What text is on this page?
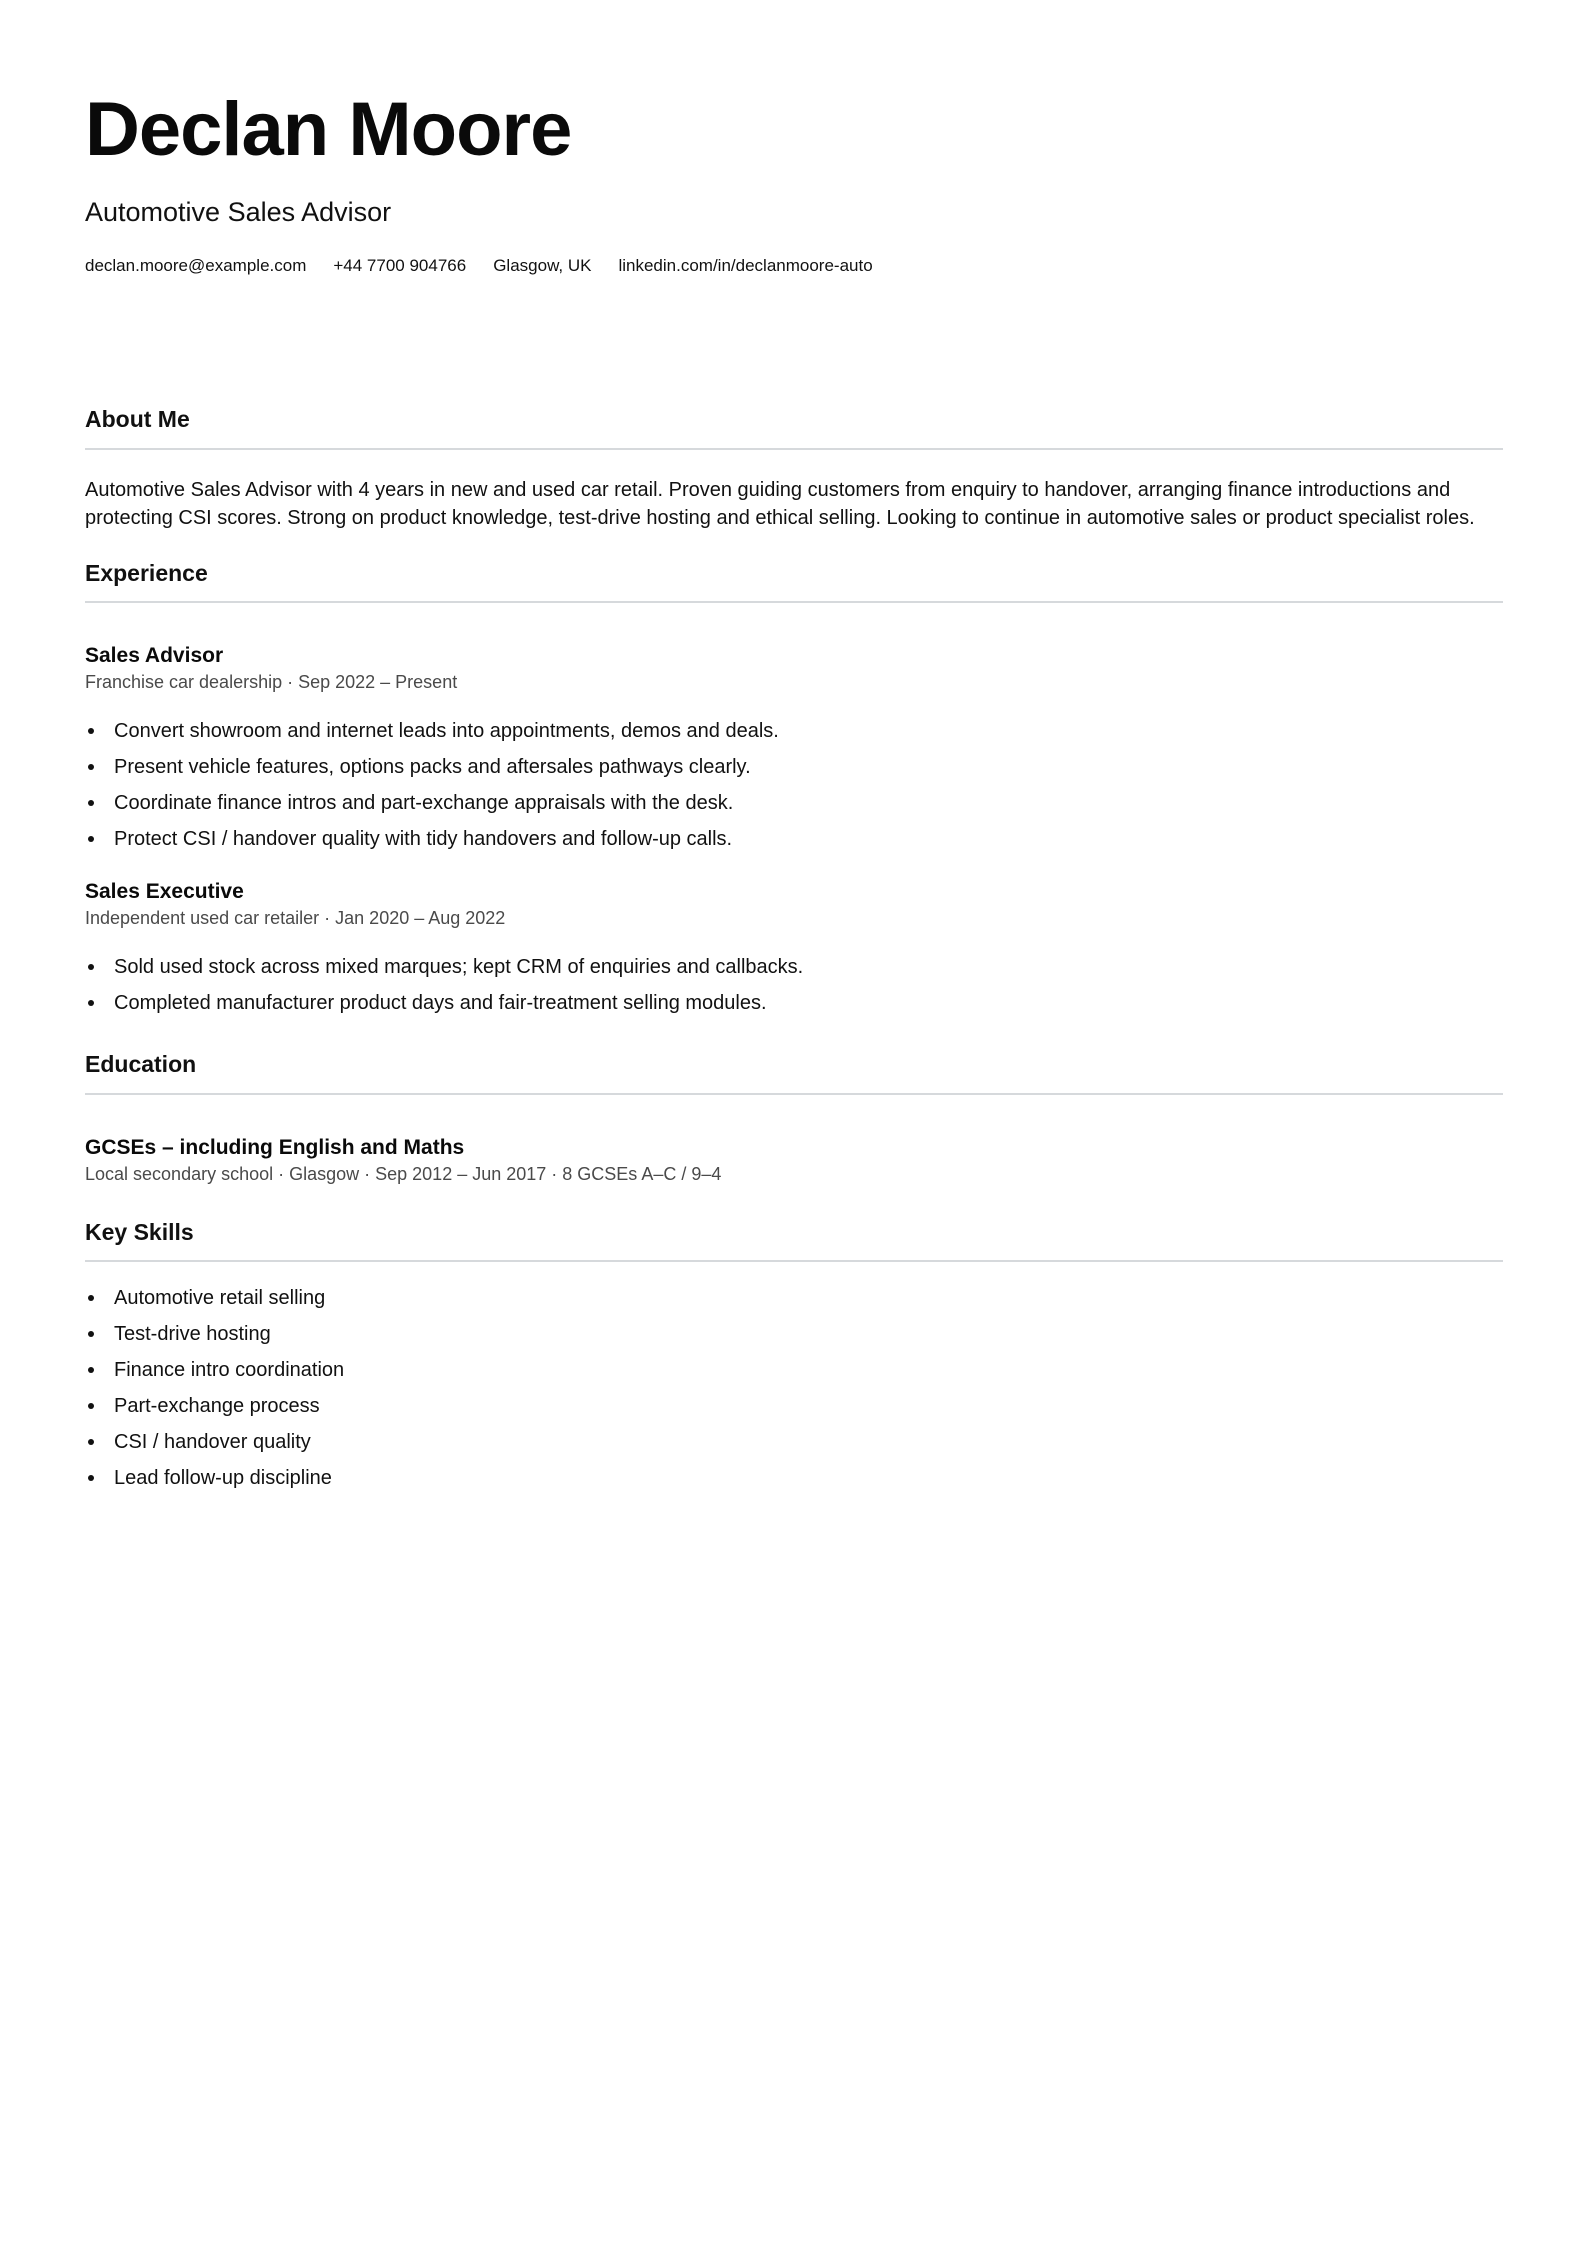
Declan Moore
Automotive Sales Advisor
declan.moore@example.com +44 7700 904766 Glasgow, UK linkedin.com/in/declanmoore-auto
About Me

Automotive Sales Advisor with 4 years in new and used car retail. Proven guiding customers from enquiry to handover, arranging finance introductions and protecting CSI scores. Strong on product knowledge, test-drive hosting and ethical selling. Looking to continue in automotive sales or product specialist roles.

Experience
Sales Advisor
Franchise car dealership · Sep 2022 – Present
Convert showroom and internet leads into appointments, demos and deals.
Present vehicle features, options packs and aftersales pathways clearly.
Coordinate finance intros and part-exchange appraisals with the desk.
Protect CSI / handover quality with tidy handovers and follow-up calls.
Sales Executive
Independent used car retailer · Jan 2020 – Aug 2022
Sold used stock across mixed marques; kept CRM of enquiries and callbacks.
Completed manufacturer product days and fair-treatment selling modules.
Education
GCSEs – including English and Maths
Local secondary school · Glasgow · Sep 2012 – Jun 2017 · 8 GCSEs A–C / 9–4
Key Skills
Automotive retail selling
Test-drive hosting
Finance intro coordination
Part-exchange process
CSI / handover quality
Lead follow-up discipline
